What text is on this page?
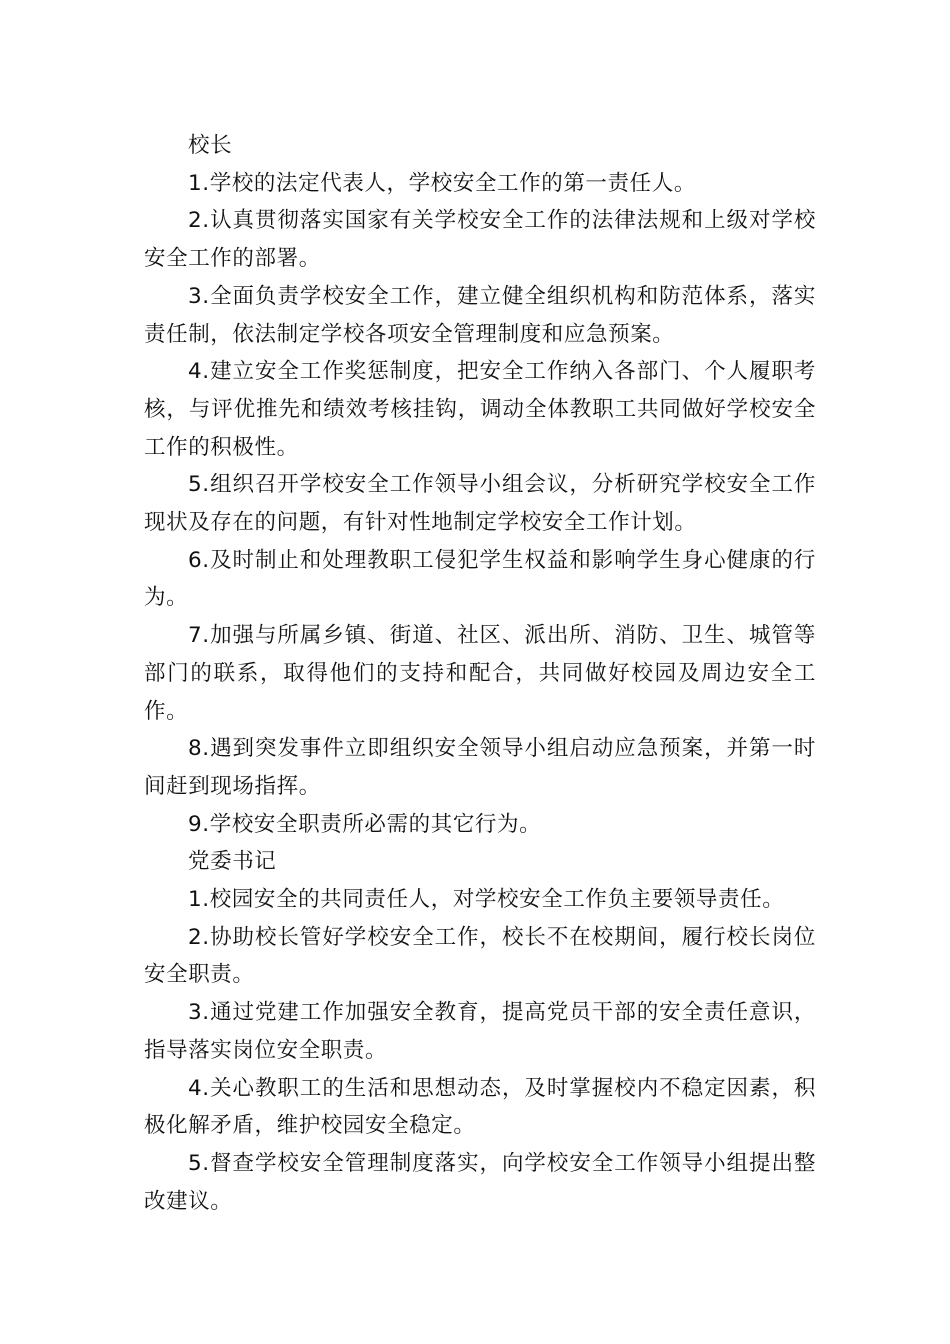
校长

1.学校的法定代表人，学校安全工作的第一责任人。

2.认真贯彻落实国家有关学校安全工作的法律法规和上级对学校安全工作的部署。

3.全面负责学校安全工作，建立健全组织机构和防范体系，落实责任制，依法制定学校各项安全管理制度和应急预案。

4.建立安全工作奖惩制度，把安全工作纳入各部门、个人履职考核，与评优推先和绩效考核挂钩，调动全体教职工共同做好学校安全工作的积极性。

5.组织召开学校安全工作领导小组会议，分析研究学校安全工作现状及存在的问题，有针对性地制定学校安全工作计划。

6.及时制止和处理教职工侵犯学生权益和影响学生身心健康的行为。

7.加强与所属乡镇、街道、社区、派出所、消防、卫生、城管等部门的联系，取得他们的支持和配合，共同做好校园及周边安全工作。

8.遇到突发事件立即组织安全领导小组启动应急预案，并第一时间赶到现场指挥。

9.学校安全职责所必需的其它行为。

党委书记

1.校园安全的共同责任人，对学校安全工作负主要领导责任。

2.协助校长管好学校安全工作，校长不在校期间，履行校长岗位安全职责。

3.通过党建工作加强安全教育，提高党员干部的安全责任意识，指导落实岗位安全职责。

4.关心教职工的生活和思想动态，及时掌握校内不稳定因素，积极化解矛盾，维护校园安全稳定。

5.督查学校安全管理制度落实，向学校安全工作领导小组提出整改建议。
